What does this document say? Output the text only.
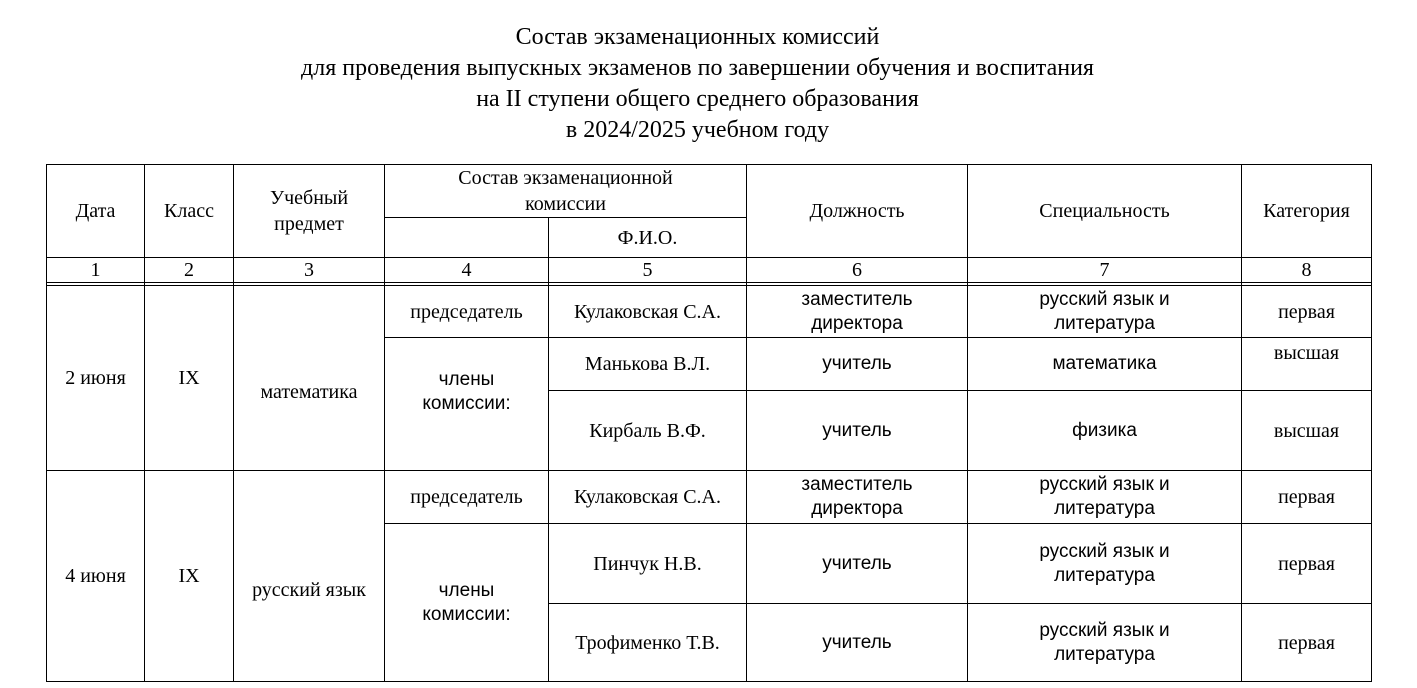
Состав экзаменационных комиссий
для проведения выпускных экзаменов по завершении обучения и воспитания
на II ступени общего среднего образования
в 2024/2025 учебном году
Дата	Класс	Учебный предмет	Состав экзаменационной комиссии		Должность	Специальность	Категория
				Ф.И.О.			
1	2	3	4	5	6	7	8

2 июня	IX	математика	председатель	Кулаковская С.А.	заместитель директора	русский язык и литература	первая
			члены комиссии:	Манькова В.Л.	учитель	математика	высшая
				Кирбаль В.Ф.	учитель	физика	высшая
4 июня	IX	русский язык	председатель	Кулаковская С.А.	заместитель директора	русский язык и литература	первая
			члены комиссии:	Пинчук Н.В.	учитель	русский язык и литература	первая
				Трофименко Т.В.	учитель	русский язык и литература	первая
